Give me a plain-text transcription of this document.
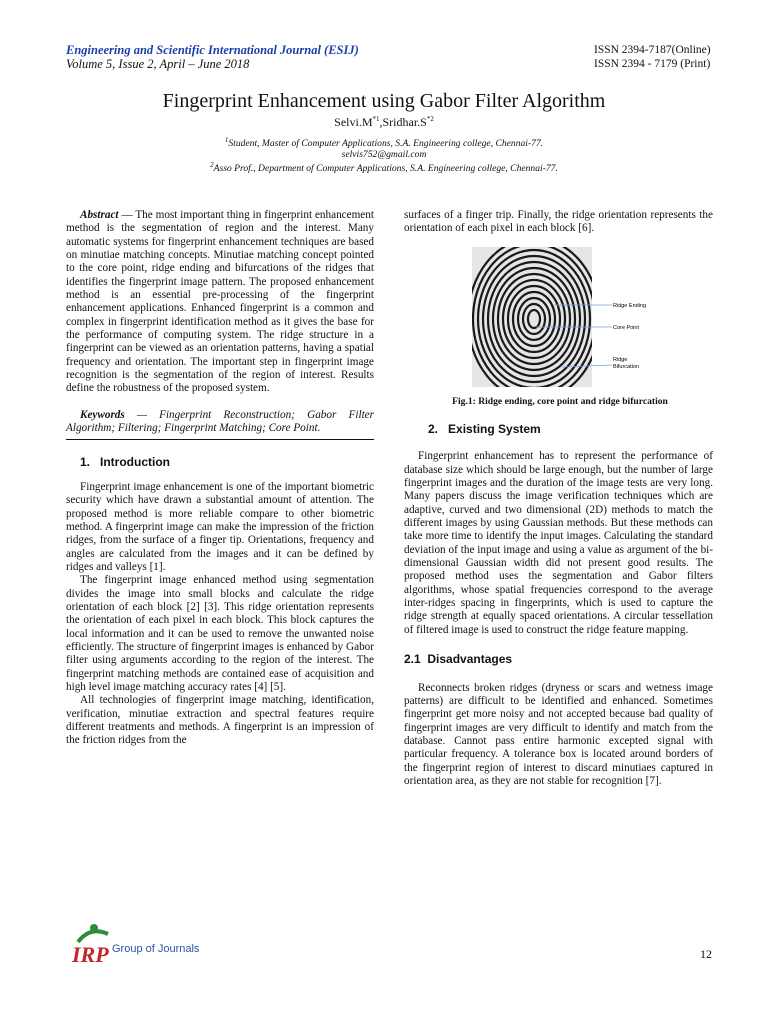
Engineering and Scientific International Journal (ESIJ)
Volume 5, Issue 2, April – June 2018
ISSN 2394-7187(Online)
ISSN 2394 - 7179 (Print)
Fingerprint Enhancement using Gabor Filter Algorithm
$Selvi.M^{*1},Sridhar.S^{*2}$
$^1$Student, Master of Computer Applications, S.A. Engineering college, Chennai-77.
selvis752@gmail.com
$^2$Asso Prof., Department of Computer Applications, S.A. Engineering college, Chennai-77.

Abstract — The most important thing in fingerprint enhancement method is the segmentation of region and the interest. Many automatic systems for fingerprint enhancement techniques are based on minutiae matching concepts. Minutiae matching concept pointed to the core point, ridge ending and bifurcations of the ridges that identifies the fingerprint image pattern. The proposed enhancement method is an essential pre-processing of the fingerprint enhancement applications. Enhanced fingerprint is a common and complex in fingerprint identification method as it gives the base for the performance of computing system. The ridge structure in a fingerprint can be viewed as an orientation patterns, having a spatial frequency and orientation. The important step in fingerprint image recognition is the segmentation of the region of interest. Results define the robustness of the proposed system.

Keywords — Fingerprint Reconstruction; Gabor Filter Algorithm; Filtering; Fingerprint Matching; Core Point.

1.   Introduction

Fingerprint image enhancement is one of the important biometric security which have drawn a substantial amount of attention. The proposed method is more reliable compare to other biometric method. A fingerprint image can make the impression of the friction ridges, from the surface of a finger tip. Orientations, frequency and angles are calculated from the images and it can be defined by ridges and valleys [1].

The fingerprint image enhanced method using segmentation divides the image into small blocks and calculate the ridge orientation of each block [2] [3]. This ridge orientation represents the orientation of each pixel in each block. This block captures the local information and it can be used to remove the unwanted noise efficiently. The structure of fingerprint images is enhanced by Gabor filter using arguments according to the region of the interest. The fingerprint matching methods are contained ease of acquisition and high level image matching accuracy rates [4] [5].

All technologies of fingerprint image matching, identification, verification, minutiae extraction and spectral features require different treatments and methods. A fingerprint is an impression of the friction ridges from the

surfaces of a finger trip. Finally, the ridge orientation represents the orientation of each pixel in each block [6].

Ridge Ending
Core Point
Ridge
Bifurcation
Fig.1: Ridge ending, core point and ridge bifurcation
2.   Existing System

Fingerprint enhancement has to represent the performance of database size which should be large enough, but the number of large fingerprint images and the duration of the image tests are very long. Many papers discuss the image verification techniques which are adaptive, curved and two dimensional (2D) methods to match the different images by using Gaussian methods. But these methods can take more time to identify the input images. Calculating the standard deviation of the input image and using a value as argument of the bi-dimensional Gaussian width did not present good results. The proposed method uses the segmentation and Gabor filters algorithms, whose spatial frequencies correspond to the average inter-ridges spacing in fingerprints, which is used to capture the ridge strength at equally spaced orientations. A circular tessellation of filtered image is used to construct the ridge feature mapping.

2.1  Disadvantages

Reconnects broken ridges (dryness or scars and wetness image patterns) are difficult to be identified and enhanced. Sometimes fingerprint get more noisy and not accepted because bad quality of fingerprint images are very difficult to identify and match from the database. Cannot pass entire harmonic excepted signal with particular frequency. A tolerance box is located around borders of the fingerprint region of interest to discard minutiaes captured in orientation area, as they are not stable for recognition [7].

IRP Group of Journals	12
